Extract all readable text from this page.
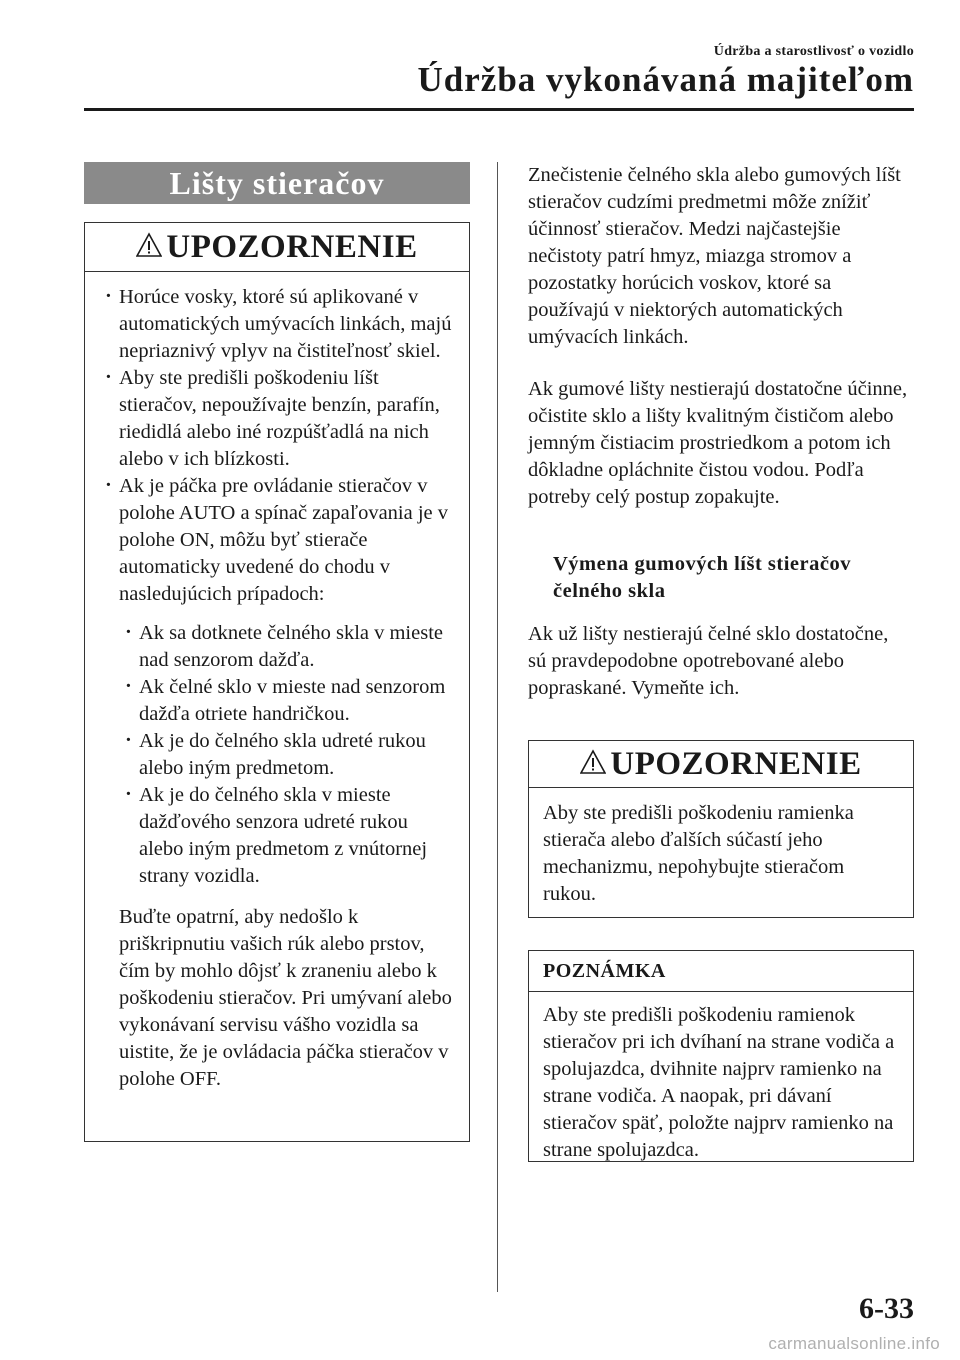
Údržba a starostlivosť o vozidlo
Údržba vykonávaná majiteľom
Lišty stieračov
UPOZORNENIE
· Horúce vosky, ktoré sú aplikované v automatických umývacích linkách, majú nepriaznivý vplyv na čistiteľnosť skiel.
· Aby ste predišli poškodeniu líšt stieračov, nepoužívajte benzín, parafín, riedidlá alebo iné rozpúšťadlá na nich alebo v ich blízkosti.
· Ak je páčka pre ovládanie stieračov v polohe AUTO a spínač zapaľovania je v polohe ON, môžu byť stierače automaticky uvedené do chodu v nasledujúcich prípadoch:
· Ak sa dotknete čelného skla v mieste nad senzorom dažďa.
· Ak čelné sklo v mieste nad senzorom dažďa otriete handričkou.
· Ak je do čelného skla udreté rukou alebo iným predmetom.
· Ak je do čelného skla v mieste dažďového senzora udreté rukou alebo iným predmetom z vnútornej strany vozidla.
Buďte opatrní, aby nedošlo k priškripnutiu vašich rúk alebo prstov, čím by mohlo dôjsť k zraneniu alebo k poškodeniu stieračov. Pri umývaní alebo vykonávaní servisu vášho vozidla sa uistite, že je ovládacia páčka stieračov v polohe OFF.
Znečistenie čelného skla alebo gumových líšt stieračov cudzími predmetmi môže znížiť účinnosť stieračov. Medzi najčastejšie nečistoty patrí hmyz, miazga stromov a pozostatky horúcich voskov, ktoré sa používajú v niektorých automatických umývacích linkách.
Ak gumové lišty nestierajú dostatočne účinne, očistite sklo a lišty kvalitným čističom alebo jemným čistiacim prostriedkom a potom ich dôkladne opláchnite čistou vodou. Podľa potreby celý postup zopakujte.
Výmena gumových líšt stieračov čelného skla
Ak už lišty nestierajú čelné sklo dostatočne, sú pravdepodobne opotrebované alebo popraskané. Vymeňte ich.
UPOZORNENIE
Aby ste predišli poškodeniu ramienka stierača alebo ďalších súčastí jeho mechanizmu, nepohybujte stieračom rukou.
POZNÁMKA
Aby ste predišli poškodeniu ramienok stieračov pri ich dvíhaní na strane vodiča a spolujazdca, dvihnite najprv ramienko na strane vodiča. A naopak, pri dávaní stieračov späť, položte najprv ramienko na strane spolujazdca.
6-33
carmanualsonline.info
